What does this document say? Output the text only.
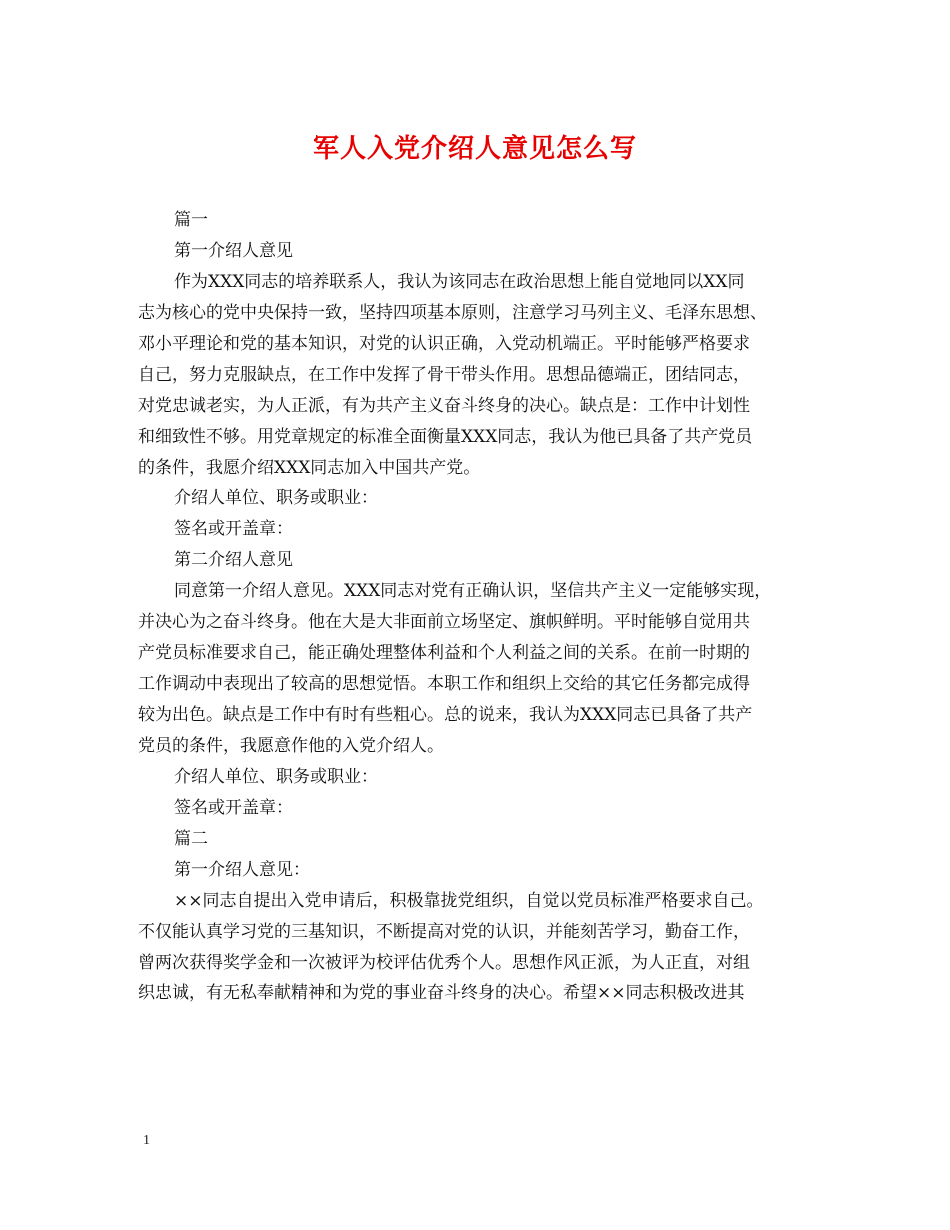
军人入党介绍人意见怎么写
篇一
第一介绍人意见
作为XXX同志的培养联系人，我认为该同志在政治思想上能自觉地同以XX同
志为核心的党中央保持一致，坚持四项基本原则，注意学习马列主义、毛泽东思想、
邓小平理论和党的基本知识，对党的认识正确，入党动机端正。平时能够严格要求
自己，努力克服缺点，在工作中发挥了骨干带头作用。思想品德端正，团结同志，
对党忠诚老实，为人正派，有为共产主义奋斗终身的决心。缺点是：工作中计划性
和细致性不够。用党章规定的标准全面衡量XXX同志，我认为他已具备了共产党员
的条件，我愿介绍XXX同志加入中国共产党。
介绍人单位、职务或职业：
签名或开盖章：
第二介绍人意见
同意第一介绍人意见。XXX同志对党有正确认识，坚信共产主义一定能够实现，
并决心为之奋斗终身。他在大是大非面前立场坚定、旗帜鲜明。平时能够自觉用共
产党员标准要求自己，能正确处理整体利益和个人利益之间的关系。在前一时期的
工作调动中表现出了较高的思想觉悟。本职工作和组织上交给的其它任务都完成得
较为出色。缺点是工作中有时有些粗心。总的说来，我认为XXX同志已具备了共产
党员的条件，我愿意作他的入党介绍人。
介绍人单位、职务或职业：
签名或开盖章：
篇二
第一介绍人意见：
××同志自提出入党申请后，积极靠拢党组织，自觉以党员标准严格要求自己。
不仅能认真学习党的三基知识，不断提高对党的认识，并能刻苦学习，勤奋工作，
曾两次获得奖学金和一次被评为校评估优秀个人。思想作风正派，为人正直，对组
织忠诚，有无私奉献精神和为党的事业奋斗终身的决心。希望××同志积极改进其
1
